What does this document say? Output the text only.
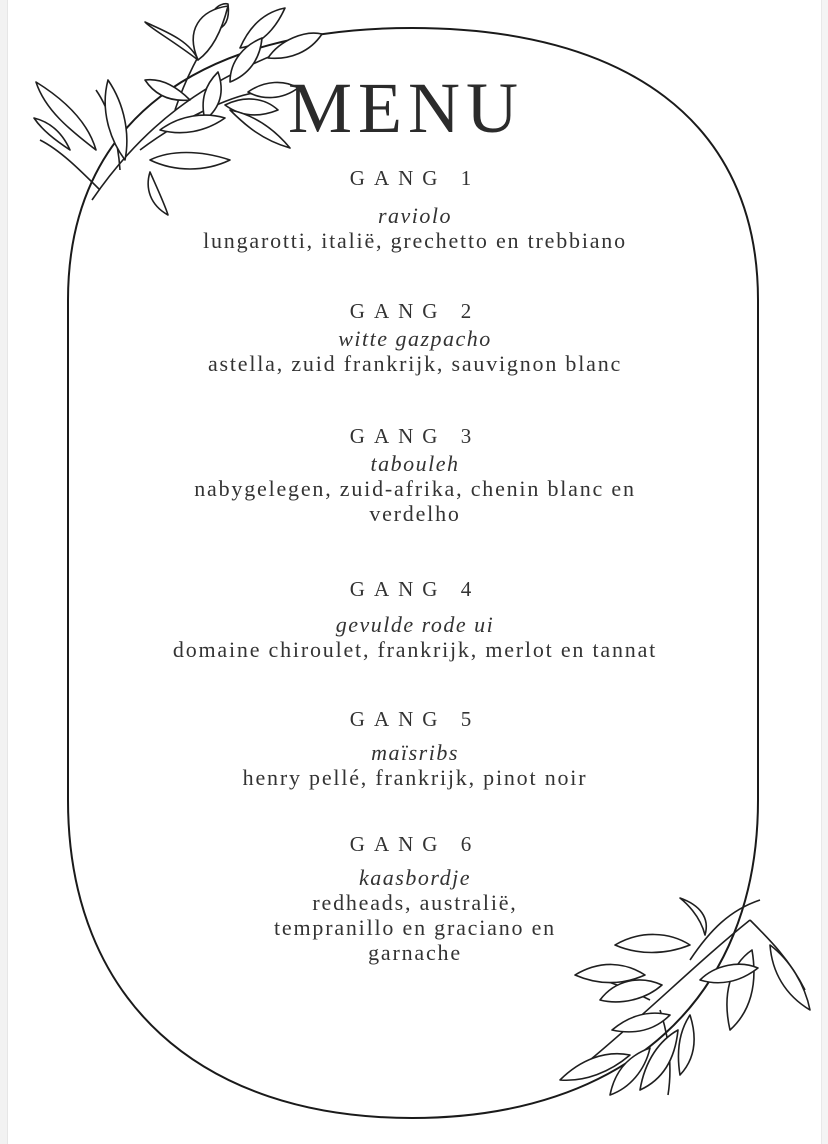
MENU
GANG 1
raviolo
lungarotti, italië, grechetto en trebbiano
GANG 2
witte gazpacho
astella, zuid frankrijk, sauvignon blanc
GANG 3
tabouleh
nabygelegen, zuid-afrika, chenin blanc en verdelho
GANG 4
gevulde rode ui
domaine chiroulet, frankrijk, merlot en tannat
GANG 5
maïsribs
henry pellé, frankrijk, pinot noir
GANG 6
kaasbordje
redheads, australië, tempranillo en graciano en garnache
